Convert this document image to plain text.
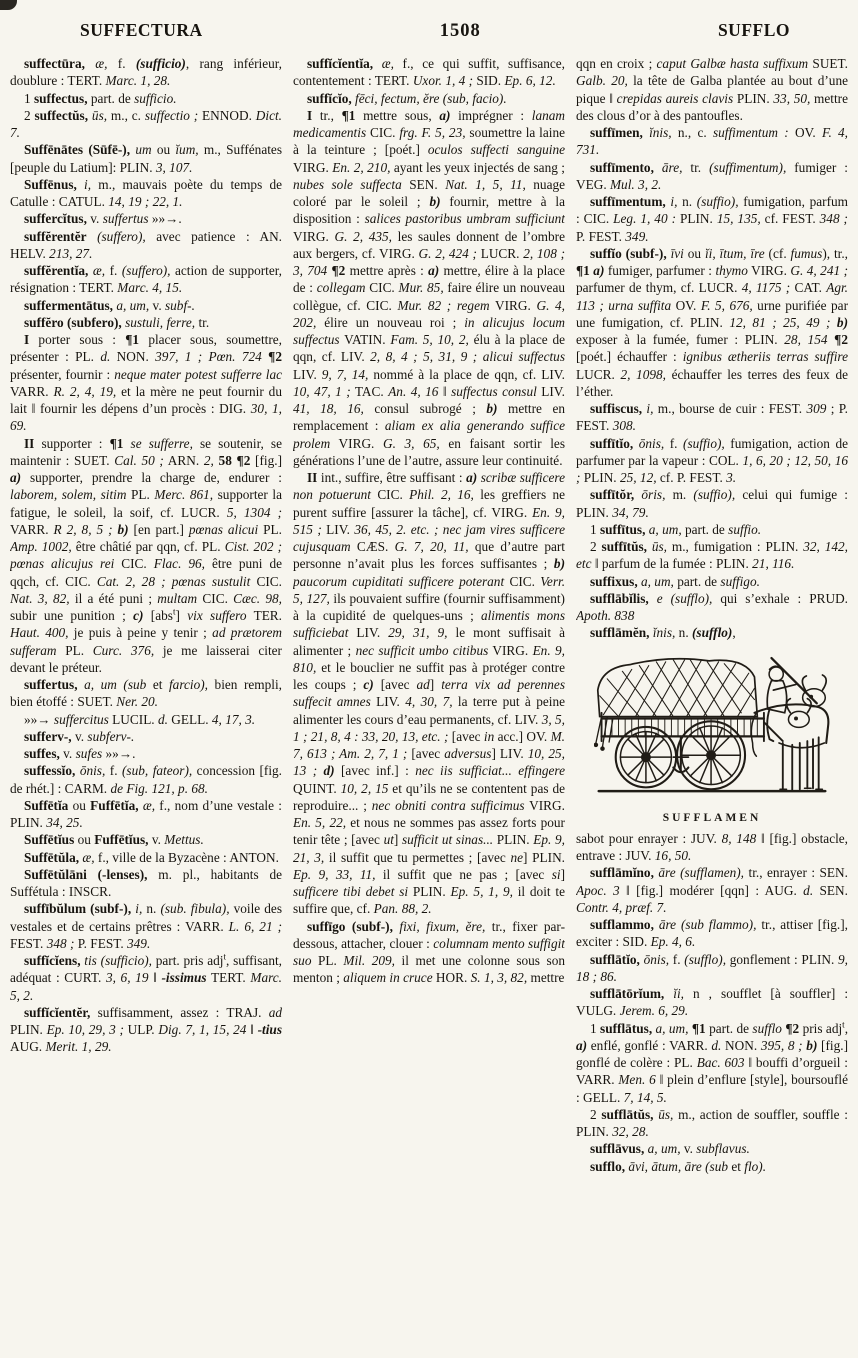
SUFFECTURA	1508	SUFFLO

suffectūra, æ, f. (sufficio), rang inférieur, doublure : TERT. Marc. 1, 28.

1 suffectus, part. de sufficio.

2 suffectŭs, ūs, m., c. suffectio ; ENNOD. Dict. 7.

Suffēnātes (Sūfē-), um ou ĭum, m., Suffénates [peuple du Latium]: PLIN. 3, 107.

Suffēnus, i, m., mauvais poète du temps de Catulle : CATUL. 14, 19 ; 22, 1.

suffercĭtus, v. suffertus »»→.

suffĕrentĕr (suffero), avec patience : AN. HELV. 213, 27.

suffĕrentĭa, æ, f. (suffero), action de supporter, résignation : TERT. Marc. 4, 15.

suffermentātus, a, um, v. subf-.

suffĕro (subfero), sustuli, ferre, tr.

I porter sous : ¶1 placer sous, soumettre, présenter : PL. d. NON. 397, 1 ; Pœn. 724 ¶2 présenter, fournir : neque mater potest sufferre lac VARR. R. 2, 4, 19, et la mère ne peut fournir du lait ‖ fournir les dépens d’un procès : DIG. 30, 1, 69.

II supporter : ¶1 se sufferre, se soutenir, se maintenir : SUET. Cal. 50 ; ARN. 2, 58 ¶2 [fig.] a) supporter, prendre la charge de, endurer : laborem, solem, sitim PL. Merc. 861, supporter la fatigue, le soleil, la soif, cf. LUCR. 5, 1304 ; VARR. R 2, 8, 5 ; b) [en part.] pœnas alicui PL. Amp. 1002, être châtié par qqn, cf. PL. Cist. 202 ; pœnas alicujus rei CIC. Flac. 96, être puni de qqch, cf. CIC. Cat. 2, 28 ; pœnas sustulit CIC. Nat. 3, 82, il a été puni ; multam CIC. Cæc. 98, subir une punition ; c) [abs$^t$] vix suffero TER. Haut. 400, je puis à peine y tenir ; ad prætorem sufferam PL. Curc. 376, je me laisserai citer devant le préteur.

suffertus, a, um (sub et farcio), bien rempli, bien étoffé : SUET. Ner. 20.

»»→ suffercitus LUCIL. d. GELL. 4, 17, 3.

sufferv-, v. subferv-.

suffes, v. sufes »»→.

suffessĭo, ōnis, f. (sub, fateor), concession [fig. de rhét.] : CARM. de Fig. 121, p. 68.

Suffētĭa ou Fuffētĭa, æ, f., nom d’une vestale : PLIN. 34, 25.

Suffētĭus ou Fuffētĭus, v. Mettus.

Suffētŭla, æ, f., ville de la Byzacène : ANTON.

Suffētŭlāni (-lenses), m. pl., habitants de Suffétula : INSCR.

suffībŭlum (subf-), i, n. (sub. fibula), voile des vestales et de certains prêtres : VARR. L. 6, 21 ; FEST. 348 ; P. FEST. 349.

suffĭcĭens, tis (sufficio), part. pris adj$^t$, suffisant, adéquat : CURT. 3, 6, 19 ‖ -issimus TERT. Marc. 5, 2.

suffĭcĭentĕr, suffisamment, assez : TRAJ. ad PLIN. Ep. 10, 29, 3 ; ULP. Dig. 7, 1, 15, 24 ‖ -tius AUG. Merit. 1, 29.

suffĭcĭentĭa, æ, f., ce qui suffit, suffisance, contentement : TERT. Uxor. 1, 4 ; SID. Ep. 6, 12.

suffĭcĭo, fēci, fectum, ĕre (sub, facio).

I tr., ¶1 mettre sous, a) imprégner : lanam medicamentis CIC. frg. F. 5, 23, soumettre la laine à la teinture ; [poét.] oculos suffecti sanguine VIRG. En. 2, 210, ayant les yeux injectés de sang ; nubes sole suffecta SEN. Nat. 1, 5, 11, nuage coloré par le soleil ; b) fournir, mettre à la disposition : salices pastoribus umbram sufficiunt VIRG. G. 2, 435, les saules donnent de l’ombre aux bergers, cf. VIRG. G. 2, 424 ; LUCR. 2, 108 ; 3, 704 ¶2 mettre après : a) mettre, élire à la place de : collegam CIC. Mur. 85, faire élire un nouveau collègue, cf. CIC. Mur. 82 ; regem VIRG. G. 4, 202, élire un nouveau roi ; in alicujus locum suffectus VATIN. Fam. 5, 10, 2, élu à la place de qqn, cf. LIV. 2, 8, 4 ; 5, 31, 9 ; alicui suffectus LIV. 9, 7, 14, nommé à la place de qqn, cf. LIV. 10, 47, 1 ; TAC. An. 4, 16 ‖ suffectus consul LIV. 41, 18, 16, consul subrogé ; b) mettre en remplacement : aliam ex alia generando suffice prolem VIRG. G. 3, 65, en faisant sortir les générations l’une de l’autre, assure leur continuité.

II int., suffire, être suffisant : a) scribæ sufficere non potuerunt CIC. Phil. 2, 16, les greffiers ne purent suffire [assurer la tâche], cf. VIRG. En. 9, 515 ; LIV. 36, 45, 2. etc. ; nec jam vires sufficere cujusquam CÆS. G. 7, 20, 11, que d’autre part personne n’avait plus les forces suffisantes ; b) paucorum cupiditati sufficere poterant CIC. Verr. 5, 127, ils pouvaient suffire (fournir suffisamment) à la cupidité de quelques-uns ; alimentis mons sufficiebat LIV. 29, 31, 9, le mont suffisait à alimenter ; nec sufficit umbo citibus VIRG. En. 9, 810, et le bouclier ne suffit pas à protéger contre les coups ; c) [avec ad] terra vix ad perennes suffecit amnes LIV. 4, 30, 7, la terre put à peine alimenter les cours d’eau permanents, cf. LIV. 3, 5, 1 ; 21, 8, 4 : 33, 20, 13, etc. ; [avec in acc.] OV. M. 7, 613 ; Am. 2, 7, 1 ; [avec adversus] LIV. 10, 25, 13 ; d) [avec inf.] : nec iis sufficiat... effingere QUINT. 10, 2, 15 et qu’ils ne se contentent pas de reproduire... ; nec obniti contra sufficimus VIRG. En. 5, 22, et nous ne sommes pas assez forts pour tenir tête ; [avec ut] sufficit ut sinas... PLIN. Ep. 9, 21, 3, il suffit que tu permettes ; [avec ne] PLIN. Ep. 9, 33, 11, il suffit que ne pas ; [avec si] sufficere tibi debet si PLIN. Ep. 5, 1, 9, il doit te suffire que, cf. Pan. 88, 2.

suffīgo (subf-), fixi, fixum, ĕre, tr., fixer par-dessous, attacher, clouer : columnam mento suffigit suo PL. Mil. 209, il met une colonne sous son menton ; aliquem in cruce HOR. S. 1, 3, 82, mettre

qqn en croix ; caput Galbæ hasta suffixum SUET. Galb. 20, la tête de Galba plantée au bout d’une pique ‖ crepidas aureis clavis PLIN. 33, 50, mettre des clous d’or à des pantoufles.

suffīmen, ĭnis, n., c. suffimentum : OV. F. 4, 731.

suffīmento, āre, tr. (suffimentum), fumiger : VEG. Mul. 3, 2.

suffīmentum, i, n. (suffio), fumigation, parfum : CIC. Leg. 1, 40 : PLIN. 15, 135, cf. FEST. 348 ; P. FEST. 349.

suffĭo (subf-), īvi ou ĭi, ītum, īre (cf. fumus), tr., ¶1 a) fumiger, parfumer : thymo VIRG. G. 4, 241 ; parfumer de thym, cf. LUCR. 4, 1175 ; CAT. Agr. 113 ; urna suffita OV. F. 5, 676, urne purifiée par une fumigation, cf. PLIN. 12, 81 ; 25, 49 ; b) exposer à la fumée, fumer : PLIN. 28, 154 ¶2 [poét.] échauffer : ignibus ætheriis terras suffire LUCR. 2, 1098, échauffer les terres des feux de l’éther.

suffiscus, i, m., bourse de cuir : FEST. 309 ; P. FEST. 308.

suffītĭo, ōnis, f. (suffio), fumigation, action de parfumer par la vapeur : COL. 1, 6, 20 ; 12, 50, 16 ; PLIN. 25, 12, cf. P. FEST. 3.

suffītŏr, ōris, m. (suffio), celui qui fumige : PLIN. 34, 79.

1 suffītus, a, um, part. de suffio.

2 suffītŭs, ūs, m., fumigation : PLIN. 32, 142, etc ‖ parfum de la fumée : PLIN. 21, 116.

suffixus, a, um, part. de suffigo.

sufflābĭlis, e (sufflo), qui s’exhale : PRUD. Apoth. 838

sufflāmĕn, ĭnis, n. (sufflo),

SUFFLAMEN

sabot pour enrayer : JUV. 8, 148 ‖ [fig.] obstacle, entrave : JUV. 16, 50.

sufflāmĭno, āre (sufflamen), tr., enrayer : SEN. Apoc. 3 ‖ [fig.] modérer [qqn] : AUG. d. SEN. Contr. 4, præf. 7.

sufflammo, āre (sub flammo), tr., attiser [fig.], exciter : SID. Ep. 4, 6.

sufflātĭo, ōnis, f. (sufflo), gonflement : PLIN. 9, 18 ; 86.

sufflātōrĭum, ĭi, n , soufflet [à souffler] : VULG. Jerem. 6, 29.

1 sufflātus, a, um, ¶1 part. de sufflo ¶2 pris adj$^t$, a) enflé, gonflé : VARR. d. NON. 395, 8 ; b) [fig.] gonflé de colère : PL. Bac. 603 ‖ bouffi d’orgueil : VARR. Men. 6 ‖ plein d’enflure [style], boursouflé : GELL. 7, 14, 5.

2 sufflātŭs, ūs, m., action de souffler, souffle : PLIN. 32, 28.

sufflāvus, a, um, v. subflavus.

sufflo, āvi, ātum, āre (sub et flo).
